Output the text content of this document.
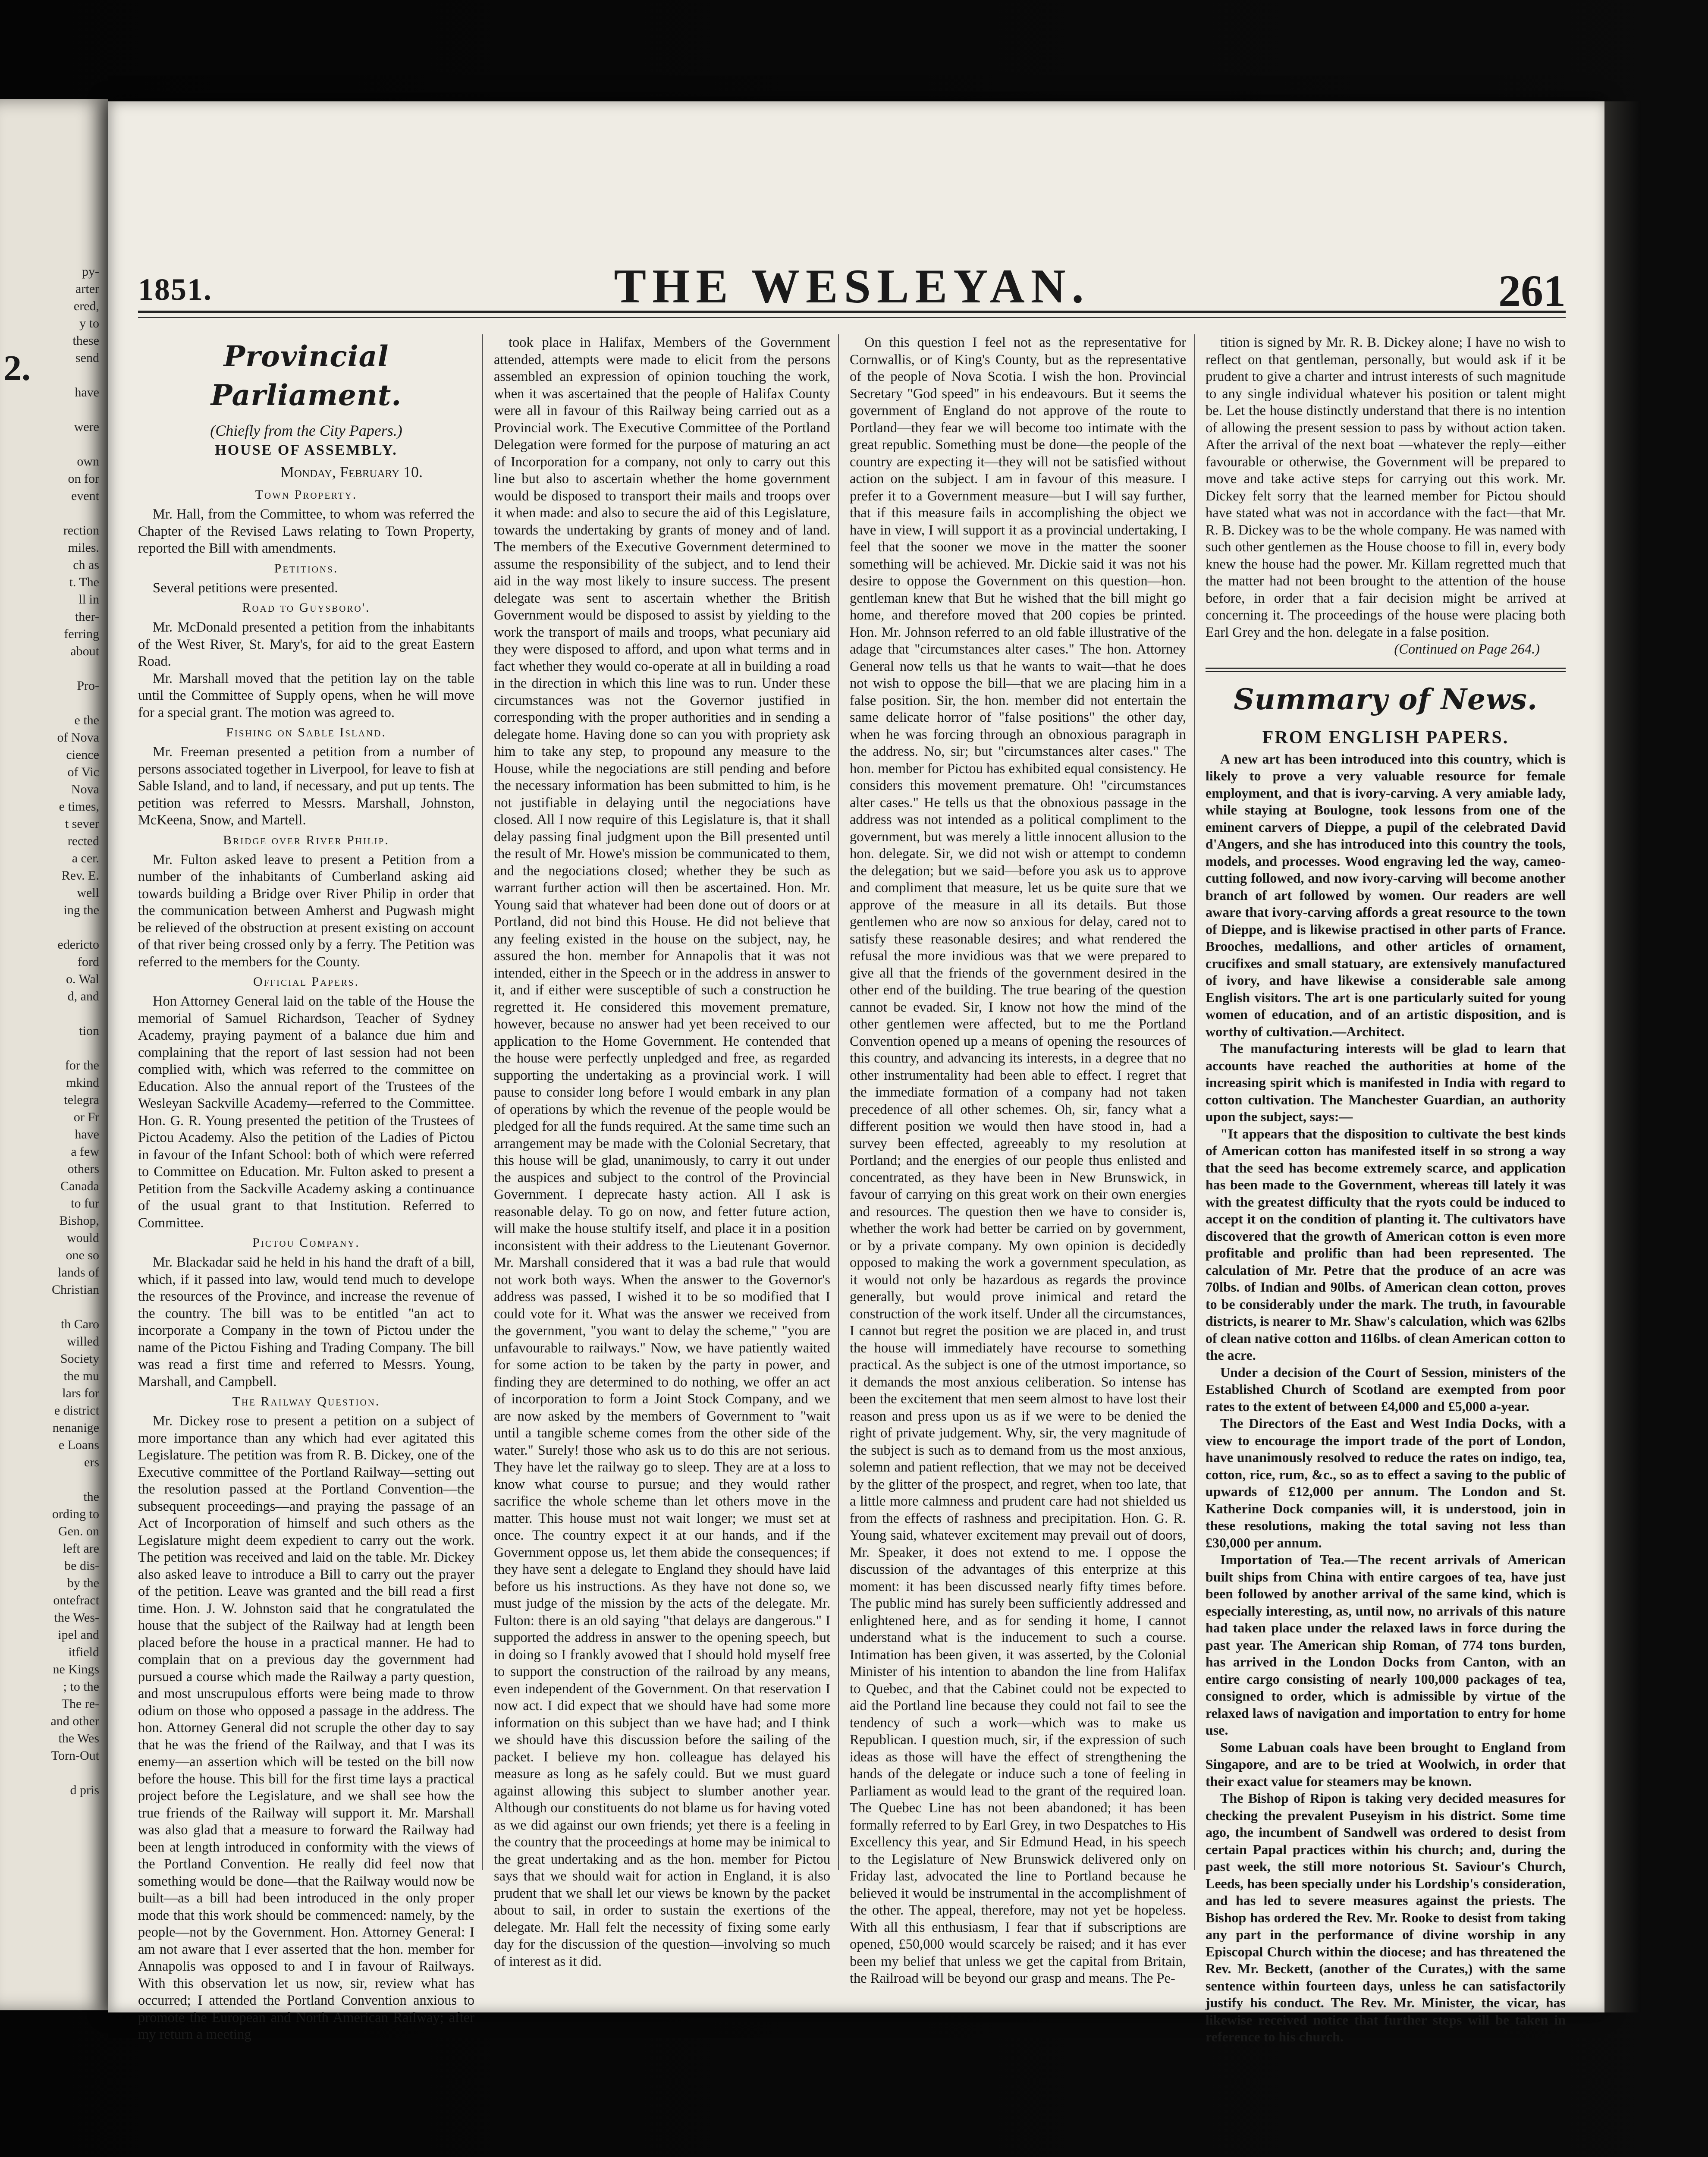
2.
py-
arter
ered,
y to
these
send

have

were

own
on for
event

rection
miles.
ch as
t. The
ll in
ther-
ferring
about

Pro-

e the
of Nova
cience
of Vic
Nova
e times,
t sever
rected
a cer.
Rev. E.
well
ing the

edericto
ford
o. Wal
d, and

tion

for the
mkind
telegra
or Fr
have
a few
others
Canada
to fur
Bishop,
would
one so
lands of
Christian

th Caro
willed
Society
the mu
lars for
e district
nenanige
e Loans
ers

the
ording to
Gen. on
left are
be dis-
by the
ontefract
the Wes-
ipel and
itfield
ne Kings
; to the
The re-
and other
the Wes
Torn-Out

d pris
1851.	THE WESLEYAN.	261
Provincial Parliament.
(Chiefly from the City Papers.)
HOUSE OF ASSEMBLY.
Monday, February 10.
Town Property.

Mr. Hall, from the Committee, to whom was referred the Chapter of the Revised Laws relating to Town Property, reported the Bill with amendments.

Petitions.

Several petitions were presented.

Road to Guysboro'.

Mr. McDonald presented a petition from the inhabitants of the West River, St. Mary's, for aid to the great Eastern Road.

Mr. Marshall moved that the petition lay on the table until the Committee of Supply opens, when he will move for a special grant. The motion was agreed to.

Fishing on Sable Island.

Mr. Freeman presented a petition from a number of persons associated together in Liverpool, for leave to fish at Sable Island, and to land, if necessary, and put up tents. The petition was referred to Messrs. Marshall, Johnston, McKeena, Snow, and Martell.

Bridge over River Philip.

Mr. Fulton asked leave to present a Petition from a number of the inhabitants of Cumberland asking aid towards building a Bridge over River Philip in order that the communication between Amherst and Pugwash might be relieved of the obstruction at present existing on account of that river being crossed only by a ferry. The Petition was referred to the members for the County.

Official Papers.

Hon Attorney General laid on the table of the House the memorial of Samuel Richardson, Teacher of Sydney Academy, praying payment of a balance due him and complaining that the report of last session had not been complied with, which was referred to the committee on Education. Also the annual report of the Trustees of the Wesleyan Sackville Academy—referred to the Committee. Hon. G. R. Young presented the petition of the Trustees of Pictou Academy. Also the petition of the Ladies of Pictou in favour of the Infant School: both of which were referred to Committee on Education. Mr. Fulton asked to present a Petition from the Sackville Academy asking a continuance of the usual grant to that Institution. Referred to Committee.

Pictou Company.

Mr. Blackadar said he held in his hand the draft of a bill, which, if it passed into law, would tend much to develope the resources of the Province, and increase the revenue of the country. The bill was to be entitled "an act to incorporate a Company in the town of Pictou under the name of the Pictou Fishing and Trading Company. The bill was read a first time and referred to Messrs. Young, Marshall, and Campbell.

The Railway Question.

Mr. Dickey rose to present a petition on a subject of more importance than any which had ever agitated this Legislature. The petition was from R. B. Dickey, one of the Executive committee of the Portland Railway—setting out the resolution passed at the Portland Convention—the subsequent proceedings—and praying the passage of an Act of Incorporation of himself and such others as the Legislature might deem expedient to carry out the work. The petition was received and laid on the table. Mr. Dickey also asked leave to introduce a Bill to carry out the prayer of the petition. Leave was granted and the bill read a first time. Hon. J. W. Johnston said that he congratulated the house that the subject of the Railway had at length been placed before the house in a practical manner. He had to complain that on a previous day the government had pursued a course which made the Railway a party question, and most unscrupulous efforts were being made to throw odium on those who opposed a passage in the address. The hon. Attorney General did not scruple the other day to say that he was the friend of the Railway, and that I was its enemy—an assertion which will be tested on the bill now before the house. This bill for the first time lays a practical project before the Legislature, and we shall see how the true friends of the Railway will support it. Mr. Marshall was also glad that a measure to forward the Railway had been at length introduced in conformity with the views of the Portland Convention. He really did feel now that something would be done—that the Railway would now be built—as a bill had been introduced in the only proper mode that this work should be commenced: namely, by the people—not by the Government. Hon. Attorney General: I am not aware that I ever asserted that the hon. member for Annapolis was opposed to and I in favour of Railways. With this observation let us now, sir, review what has occurred; I attended the Portland Convention anxious to promote the European and North American Railway; after my return a meeting

took place in Halifax, Members of the Government attended, attempts were made to elicit from the persons assembled an expression of opinion touching the work, when it was ascertained that the people of Halifax County were all in favour of this Railway being carried out as a Provincial work. The Executive Committee of the Portland Delegation were formed for the purpose of maturing an act of Incorporation for a company, not only to carry out this line but also to ascertain whether the home government would be disposed to transport their mails and troops over it when made: and also to secure the aid of this Legislature, towards the undertaking by grants of money and of land. The members of the Executive Government determined to assume the responsibility of the subject, and to lend their aid in the way most likely to insure success. The present delegate was sent to ascertain whether the British Government would be disposed to assist by yielding to the work the transport of mails and troops, what pecuniary aid they were disposed to afford, and upon what terms and in fact whether they would co-operate at all in building a road in the direction in which this line was to run. Under these circumstances was not the Governor justified in corresponding with the proper authorities and in sending a delegate home. Having done so can you with propriety ask him to take any step, to propound any measure to the House, while the negociations are still pending and before the necessary information has been submitted to him, is he not justifiable in delaying until the negociations have closed. All I now require of this Legislature is, that it shall delay passing final judgment upon the Bill presented until the result of Mr. Howe's mission be communicated to them, and the negociations closed; whether they be such as warrant further action will then be ascertained. Hon. Mr. Young said that whatever had been done out of doors or at Portland, did not bind this House. He did not believe that any feeling existed in the house on the subject, nay, he assured the hon. member for Annapolis that it was not intended, either in the Speech or in the address in answer to it, and if either were susceptible of such a construction he regretted it. He considered this movement premature, however, because no answer had yet been received to our application to the Home Government. He contended that the house were perfectly unpledged and free, as regarded supporting the undertaking as a provincial work. I will pause to consider long before I would embark in any plan of operations by which the revenue of the people would be pledged for all the funds required. At the same time such an arrangement may be made with the Colonial Secretary, that this house will be glad, unanimously, to carry it out under the auspices and subject to the control of the Provincial Government. I deprecate hasty action. All I ask is reasonable delay. To go on now, and fetter future action, will make the house stultify itself, and place it in a position inconsistent with their address to the Lieutenant Governor. Mr. Marshall considered that it was a bad rule that would not work both ways. When the answer to the Governor's address was passed, I wished it to be so modified that I could vote for it. What was the answer we received from the government, "you want to delay the scheme," "you are unfavourable to railways." Now, we have patiently waited for some action to be taken by the party in power, and finding they are determined to do nothing, we offer an act of incorporation to form a Joint Stock Company, and we are now asked by the members of Government to "wait until a tangible scheme comes from the other side of the water." Surely! those who ask us to do this are not serious. They have let the railway go to sleep. They are at a loss to know what course to pursue; and they would rather sacrifice the whole scheme than let others move in the matter. This house must not wait longer; we must set at once. The country expect it at our hands, and if the Government oppose us, let them abide the consequences; if they have sent a delegate to England they should have laid before us his instructions. As they have not done so, we must judge of the mission by the acts of the delegate. Mr. Fulton: there is an old saying "that delays are dangerous." I supported the address in answer to the opening speech, but in doing so I frankly avowed that I should hold myself free to support the construction of the railroad by any means, even independent of the Government. On that reservation I now act. I did expect that we should have had some more information on this subject than we have had; and I think we should have this discussion before the sailing of the packet. I believe my hon. colleague has delayed his measure as long as he safely could. But we must guard against allowing this subject to slumber another year. Although our constituents do not blame us for having voted as we did against our own friends; yet there is a feeling in the country that the proceedings at home may be inimical to the great undertaking and as the hon. member for Pictou says that we should wait for action in England, it is also prudent that we shall let our views be known by the packet about to sail, in order to sustain the exertions of the delegate. Mr. Hall felt the necessity of fixing some early day for the discussion of the question—involving so much of interest as it did.

On this question I feel not as the representative for Cornwallis, or of King's County, but as the representative of the people of Nova Scotia. I wish the hon. Provincial Secretary "God speed" in his endeavours. But it seems the government of England do not approve of the route to Portland—they fear we will become too intimate with the great republic. Something must be done—the people of the country are expecting it—they will not be satisfied without action on the subject. I am in favour of this measure. I prefer it to a Government measure—but I will say further, that if this measure fails in accomplishing the object we have in view, I will support it as a provincial undertaking, I feel that the sooner we move in the matter the sooner something will be achieved. Mr. Dickie said it was not his desire to oppose the Government on this question—hon. gentleman knew that But he wished that the bill might go home, and therefore moved that 200 copies be printed. Hon. Mr. Johnson referred to an old fable illustrative of the adage that "circumstances alter cases." The hon. Attorney General now tells us that he wants to wait—that he does not wish to oppose the bill—that we are placing him in a false position. Sir, the hon. member did not entertain the same delicate horror of "false positions" the other day, when he was forcing through an obnoxious paragraph in the address. No, sir; but "circumstances alter cases." The hon. member for Pictou has exhibited equal consistency. He considers this movement premature. Oh! "circumstances alter cases." He tells us that the obnoxious passage in the address was not intended as a political compliment to the government, but was merely a little innocent allusion to the hon. delegate. Sir, we did not wish or attempt to condemn the delegation; but we said—before you ask us to approve and compliment that measure, let us be quite sure that we approve of the measure in all its details. But those gentlemen who are now so anxious for delay, cared not to satisfy these reasonable desires; and what rendered the refusal the more invidious was that we were prepared to give all that the friends of the government desired in the other end of the building. The true bearing of the question cannot be evaded. Sir, I know not how the mind of the other gentlemen were affected, but to me the Portland Convention opened up a means of opening the resources of this country, and advancing its interests, in a degree that no other instrumentality had been able to effect. I regret that the immediate formation of a company had not taken precedence of all other schemes. Oh, sir, fancy what a different position we would then have stood in, had a survey been effected, agreeably to my resolution at Portland; and the energies of our people thus enlisted and concentrated, as they have been in New Brunswick, in favour of carrying on this great work on their own energies and resources. The question then we have to consider is, whether the work had better be carried on by government, or by a private company. My own opinion is decidedly opposed to making the work a government speculation, as it would not only be hazardous as regards the province generally, but would prove inimical and retard the construction of the work itself. Under all the circumstances, I cannot but regret the position we are placed in, and trust the house will immediately have recourse to something practical. As the subject is one of the utmost importance, so it demands the most anxious celiberation. So intense has been the excitement that men seem almost to have lost their reason and press upon us as if we were to be denied the right of private judgement. Why, sir, the very magnitude of the subject is such as to demand from us the most anxious, solemn and patient reflection, that we may not be deceived by the glitter of the prospect, and regret, when too late, that a little more calmness and prudent care had not shielded us from the effects of rashness and precipitation. Hon. G. R. Young said, whatever excitement may prevail out of doors, Mr. Speaker, it does not extend to me. I oppose the discussion of the advantages of this enterprize at this moment: it has been discussed nearly fifty times before. The public mind has surely been sufficiently addressed and enlightened here, and as for sending it home, I cannot understand what is the inducement to such a course. Intimation has been given, it was asserted, by the Colonial Minister of his intention to abandon the line from Halifax to Quebec, and that the Cabinet could not be expected to aid the Portland line because they could not fail to see the tendency of such a work—which was to make us Republican. I question much, sir, if the expression of such ideas as those will have the effect of strengthening the hands of the delegate or induce such a tone of feeling in Parliament as would lead to the grant of the required loan. The Quebec Line has not been abandoned; it has been formally referred to by Earl Grey, in two Despatches to His Excellency this year, and Sir Edmund Head, in his speech to the Legislature of New Brunswick delivered only on Friday last, advocated the line to Portland because he believed it would be instrumental in the accomplishment of the other. The appeal, therefore, may not yet be hopeless. With all this enthusiasm, I fear that if subscriptions are opened, £50,000 would scarcely be raised; and it has ever been my belief that unless we get the capital from Britain, the Railroad will be beyond our grasp and means. The Pe-

tition is signed by Mr. R. B. Dickey alone; I have no wish to reflect on that gentleman, personally, but would ask if it be prudent to give a charter and intrust interests of such magnitude to any single individual whatever his position or talent might be. Let the house distinctly understand that there is no intention of allowing the present session to pass by without action taken. After the arrival of the next boat —whatever the reply—either favourable or otherwise, the Government will be prepared to move and take active steps for carrying out this work. Mr. Dickey felt sorry that the learned member for Pictou should have stated what was not in accordance with the fact—that Mr. R. B. Dickey was to be the whole company. He was named with such other gentlemen as the House choose to fill in, every body knew the house had the power. Mr. Killam regretted much that the matter had not been brought to the attention of the house before, in order that a fair decision might be arrived at concerning it. The proceedings of the house were placing both Earl Grey and the hon. delegate in a false position.

(Continued on Page 264.)

Summary of News.
FROM ENGLISH PAPERS.

A new art has been introduced into this country, which is likely to prove a very valuable resource for female employment, and that is ivory-carving. A very amiable lady, while staying at Boulogne, took lessons from one of the eminent carvers of Dieppe, a pupil of the celebrated David d'Angers, and she has introduced into this country the tools, models, and processes. Wood engraving led the way, cameo-cutting followed, and now ivory-carving will become another branch of art followed by women. Our readers are well aware that ivory-carving affords a great resource to the town of Dieppe, and is likewise practised in other parts of France. Brooches, medallions, and other articles of ornament, crucifixes and small statuary, are extensively manufactured of ivory, and have likewise a considerable sale among English visitors. The art is one particularly suited for young women of education, and of an artistic disposition, and is worthy of cultivation.—Architect.

The manufacturing interests will be glad to learn that accounts have reached the authorities at home of the increasing spirit which is manifested in India with regard to cotton cultivation. The Manchester Guardian, an authority upon the subject, says:—

"It appears that the disposition to cultivate the best kinds of American cotton has manifested itself in so strong a way that the seed has become extremely scarce, and application has been made to the Government, whereas till lately it was with the greatest difficulty that the ryots could be induced to accept it on the condition of planting it. The cultivators have discovered that the growth of American cotton is even more profitable and prolific than had been represented. The calculation of Mr. Petre that the produce of an acre was 70lbs. of Indian and 90lbs. of American clean cotton, proves to be considerably under the mark. The truth, in favourable districts, is nearer to Mr. Shaw's calculation, which was 62lbs of clean native cotton and 116lbs. of clean American cotton to the acre.

Under a decision of the Court of Session, ministers of the Established Church of Scotland are exempted from poor rates to the extent of between £4,000 and £5,000 a-year.

The Directors of the East and West India Docks, with a view to encourage the import trade of the port of London, have unanimously resolved to reduce the rates on indigo, tea, cotton, rice, rum, &c., so as to effect a saving to the public of upwards of £12,000 per annum. The London and St. Katherine Dock companies will, it is understood, join in these resolutions, making the total saving not less than £30,000 per annum.

Importation of Tea.—The recent arrivals of American built ships from China with entire cargoes of tea, have just been followed by another arrival of the same kind, which is especially interesting, as, until now, no arrivals of this nature had taken place under the relaxed laws in force during the past year. The American ship Roman, of 774 tons burden, has arrived in the London Docks from Canton, with an entire cargo consisting of nearly 100,000 packages of tea, consigned to order, which is admissible by virtue of the relaxed laws of navigation and importation to entry for home use.

Some Labuan coals have been brought to England from Singapore, and are to be tried at Woolwich, in order that their exact value for steamers may be known.

The Bishop of Ripon is taking very decided measures for checking the prevalent Puseyism in his district. Some time ago, the incumbent of Sandwell was ordered to desist from certain Papal practices within his church; and, during the past week, the still more notorious St. Saviour's Church, Leeds, has been specially under his Lordship's consideration, and has led to severe measures against the priests. The Bishop has ordered the Rev. Mr. Rooke to desist from taking any part in the performance of divine worship in any Episcopal Church within the diocese; and has threatened the Rev. Mr. Beckett, (another of the Curates,) with the same sentence within fourteen days, unless he can satisfactorily justify his conduct. The Rev. Mr. Minister, the vicar, has likewise received notice that further steps will be taken in reference to his church.
